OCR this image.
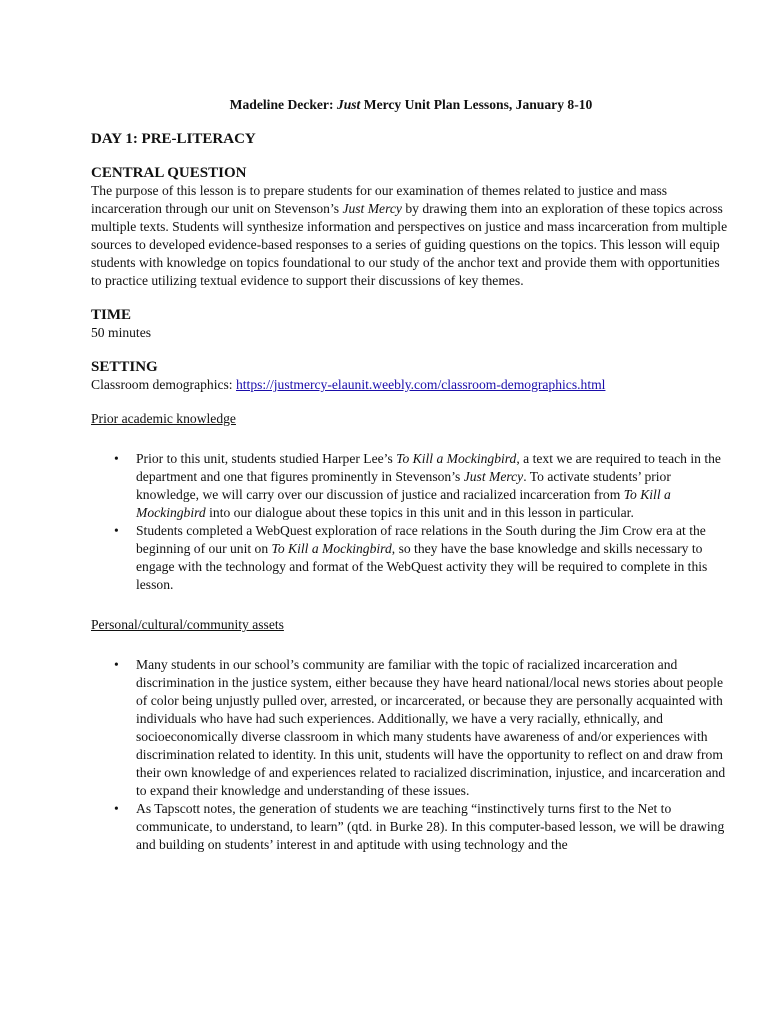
Madeline Decker: Just Mercy Unit Plan Lessons, January 8-10

DAY 1: PRE-LITERACY

CENTRAL QUESTION

The purpose of this lesson is to prepare students for our examination of themes related to justice and mass incarceration through our unit on Stevenson’s Just Mercy by drawing them into an exploration of these topics across multiple texts. Students will synthesize information and perspectives on justice and mass incarceration from multiple sources to developed evidence-based responses to a series of guiding questions on the topics. This lesson will equip students with knowledge on topics foundational to our study of the anchor text and provide them with opportunities to practice utilizing textual evidence to support their discussions of key themes.

TIME

50 minutes

SETTING

Classroom demographics: https://justmercy-elaunit.weebly.com/classroom-demographics.html

Prior academic knowledge

• Prior to this unit, students studied Harper Lee’s To Kill a Mockingbird, a text we are required to teach in the department and one that figures prominently in Stevenson’s Just Mercy. To activate students’ prior knowledge, we will carry over our discussion of justice and racialized incarceration from To Kill a Mockingbird into our dialogue about these topics in this unit and in this lesson in particular.
• Students completed a WebQuest exploration of race relations in the South during the Jim Crow era at the beginning of our unit on To Kill a Mockingbird, so they have the base knowledge and skills necessary to engage with the technology and format of the WebQuest activity they will be required to complete in this lesson.

Personal/cultural/community assets

• Many students in our school’s community are familiar with the topic of racialized incarceration and discrimination in the justice system, either because they have heard national/local news stories about people of color being unjustly pulled over, arrested, or incarcerated, or because they are personally acquainted with individuals who have had such experiences. Additionally, we have a very racially, ethnically, and socioeconomically diverse classroom in which many students have awareness of and/or experiences with discrimination related to identity. In this unit, students will have the opportunity to reflect on and draw from their own knowledge of and experiences related to racialized discrimination, injustice, and incarceration and to expand their knowledge and understanding of these issues.
• As Tapscott notes, the generation of students we are teaching “instinctively turns first to the Net to communicate, to understand, to learn” (qtd. in Burke 28). In this computer-based lesson, we will be drawing and building on students’ interest in and aptitude with using technology and the
